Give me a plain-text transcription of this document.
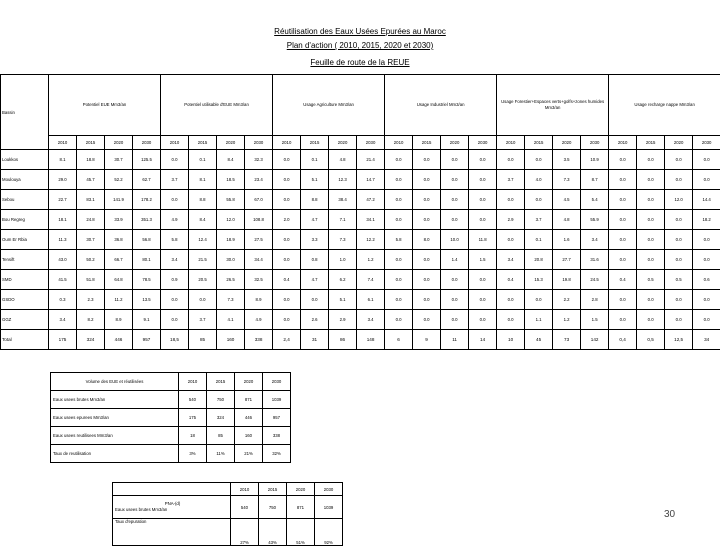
Réutilisation des Eaux Usées Epurées au Maroc
Plan d'action ( 2010, 2015, 2020 et 2030)
Feuille de route de la REUE
Bassin	Potentiel EUE Mm3/an				Potentiel utilisable d'EUE Mm3/an				Usage Agriculture Mm3/an				Usage Industriel Mm3/an				Usage Forestier+Espaces verts+golfs+zones humides Mm3/an				Usage recharge nappe Mm3/an			
	2010	2015	2020	2030	2010	2015	2020	2030	2010	2015	2020	2030	2010	2015	2020	2030	2010	2015	2020	2030	2010	2015	2020	2030
Loukkos	8.1	18.8	30.7	125.5	0.0	0.1	8.4	32.3	0.0	0.1	4.8	21.4	0.0	0.0	0.0	0.0	0.0	0.0	3.5	10.9	0.0	0.0	0.0	0.0
Moulouya	29.0	45.7	52.2	62.7	3.7	8.1	18.5	23.4	0.0	5.1	12.3	14.7	0.0	0.0	0.0	0.0	3.7	4.0	7.3	8.7	0.0	0.0	0.0	0.0
Sebou	22.7	83.1	141.9	178.2	0.0	8.8	55.8	67.0	0.0	8.8	38.4	47.2	0.0	0.0	0.0	0.0	0.0	0.0	4.5	5.4	0.0	0.0	12.0	14.4
Bou Regreg	18.1	24.8	33.9	351.3	4.9	8.4	12.0	108.8	2.0	4.7	7.1	34.1	0.0	0.0	0.0	0.0	2.9	3.7	4.8	55.9	0.0	0.0	0.0	18.2
Oum Er Rbia	11.3	30.7	36.8	56.8	5.8	12.4	18.9	27.5	0.0	3.3	7.3	12.2	5.8	8.0	10.0	11.8	0.0	0.1	1.6	3.4	0.0	0.0	0.0	0.0
Tensift	43.0	50.2	66.7	80.1	3.4	21.5	30.0	34.4	0.0	0.8	1.0	1.2	0.0	0.0	1.4	1.5	3.4	20.8	27.7	31.6	0.0	0.0	0.0	0.0
SMD	41.5	51.8	64.8	78.5	0.9	20.5	26.5	32.5	0.4	4.7	6.2	7.4	0.0	0.0	0.0	0.0	0.4	15.3	19.8	24.5	0.4	0.5	0.5	0.6
GSDO	0.3	2.3	11.2	13.5	0.0	0.0	7.3	8.9	0.0	0.0	5.1	6.1	0.0	0.0	0.0	0.0	0.0	0.0	2.2	2.8	0.0	0.0	0.0	0.0
GGZ	3.4	8.2	8.9	9.1	0.0	3.7	4.1	4.9	0.0	2.6	2.9	3.4	0.0	0.0	0.0	0.0	0.0	1.1	1.2	1.5	0.0	0.0	0.0	0.0
Total	175	324	446	957	18,5	85	160	338	2,4	31	86	148	6	9	11	14	10	45	73	142	0,4	0,5	12,5	34
Volume des EUE et réutilisées	2010	2015	2020	2030
Eaux usees brutes Mm3/an	540	750	871	1039
Eaux usees epurees Mm3/an	175	324	446	957
Eaux usees reutilisees Mm3/an	18	85	160	338
Taux de reutilisation	3%	11%	21%	32%
	2010	2015	2020	2030

PNA-(d)
Eaux usees brutes Mm3/an	540	750	871	1039
Taux d'epuration	27%	43%	51%	92%
30
